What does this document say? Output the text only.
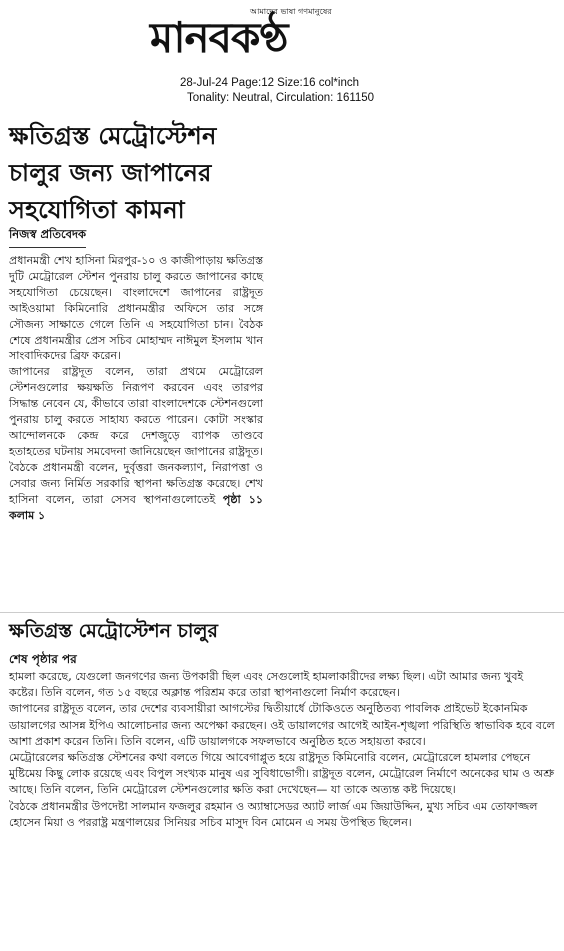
আমাদের ভাষা গণমানুষের
মানবকণ্ঠ
28-Jul-24 Page:12 Size:16 col*inch
Tonality: Neutral, Circulation: 161150
ক্ষতিগ্রস্ত মেট্রোস্টেশন
চালুর জন্য জাপানের
সহযোগিতা কামনা
নিজস্ব প্রতিবেদক

প্রধানমন্ত্রী শেখ হাসিনা মিরপুর-১০ ও কাজীপাড়ায় ক্ষতিগ্রস্ত দুটি মেট্রোরেল স্টেশন পুনরায় চালু করতে জাপানের কাছে সহযোগিতা চেয়েছেন। বাংলাদেশে জাপানের রাষ্ট্রদূত আইওয়ামা কিমিনোরি প্রধানমন্ত্রীর অফিসে তার সঙ্গে সৌজন্য সাক্ষাতে গেলে তিনি এ সহযোগিতা চান। বৈঠক শেষে প্রধানমন্ত্রীর প্রেস সচিব মোহাম্মদ নাঈমুল ইসলাম খান সাংবাদিকদের ব্রিফ করেন।

জাপানের রাষ্ট্রদূত বলেন, তারা প্রথমে মেট্রোরেল স্টেশনগুলোর ক্ষয়ক্ষতি নিরূপণ করবেন এবং তারপর সিদ্ধান্ত নেবেন যে, কীভাবে তারা বাংলাদেশকে স্টেশনগুলো পুনরায় চালু করতে সাহায্য করতে পারেন। কোটা সংস্কার আন্দোলনকে কেন্দ্র করে দেশজুড়ে ব্যাপক তাণ্ডবে হতাহতের ঘটনায় সমবেদনা জানিয়েছেন জাপানের রাষ্ট্রদূত।

বৈঠকে প্রধানমন্ত্রী বলেন, দুর্বৃত্তরা জনকল্যাণ, নিরাপত্তা ও সেবার জন্য নির্মিত সরকারি স্থাপনা ক্ষতিগ্রস্ত করেছে। শেখ হাসিনা বলেন, তারা সেসব স্থাপনাগুলোতেই পৃষ্ঠা ১১ কলাম ১

ক্ষতিগ্রস্ত মেট্রোস্টেশন চালুর
শেষ পৃষ্ঠার পর

হামলা করেছে, যেগুলো জনগণের জন্য উপকারী ছিল এবং সেগুলোই হামলাকারীদের লক্ষ্য ছিল। এটা আমার জন্য খুবই কষ্টের। তিনি বলেন, গত ১৫ বছরে অক্লান্ত পরিশ্রম করে তারা স্থাপনাগুলো নির্মাণ করেছেন।

জাপানের রাষ্ট্রদূত বলেন, তার দেশের ব্যবসায়ীরা আগস্টের দ্বিতীয়ার্ধে টোকিওতে অনুষ্ঠিতব্য পাবলিক প্রাইভেট ইকোনমিক ডায়ালগের আসন্ন ইপিএ আলোচনার জন্য অপেক্ষা করছেন। ওই ডায়ালগের আগেই আইন-শৃঙ্খলা পরিস্থিতি স্বাভাবিক হবে বলে আশা প্রকাশ করেন তিনি। তিনি বলেন, এটি ডায়ালগকে সফলভাবে অনুষ্ঠিত হতে সহায়তা করবে।

মেট্রোরেলের ক্ষতিগ্রস্ত স্টেশনের কথা বলতে গিয়ে আবেগাপ্লুত হয়ে রাষ্ট্রদূত কিমিনোরি বলেন, মেট্রোরেলে হামলার পেছনে মুষ্টিমেয় কিছু লোক রয়েছে এবং বিপুল সংখ্যক মানুষ এর সুবিধাভোগী। রাষ্ট্রদূত বলেন, মেট্রোরেল নির্মাণে অনেকের ঘাম ও অশ্রু আছে। তিনি বলেন, তিনি মেট্রোরেল স্টেশনগুলোর ক্ষতি করা দেখেছেন— যা তাকে অত্যন্ত কষ্ট দিয়েছে।

বৈঠকে প্রধানমন্ত্রীর উপদেষ্টা সালমান ফজলুর রহমান ও অ্যাম্বাসেডর অ্যাট লার্জ এম জিয়াউদ্দিন, মুখ্য সচিব এম তোফাজ্জল হোসেন মিয়া ও পররাষ্ট্র মন্ত্রণালয়ের সিনিয়র সচিব মাসুদ বিন মোমেন এ সময় উপস্থিত ছিলেন।
